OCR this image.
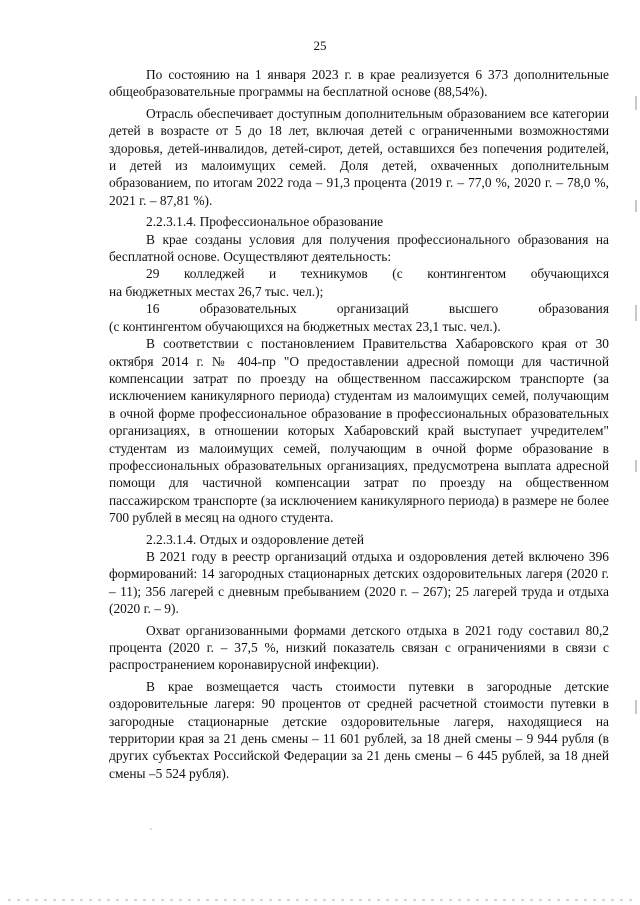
25

По состоянию на 1 января 2023 г. в крае реализуется 6 373 дополнительные общеобразовательные программы на бесплатной основе (88,54%).

Отрасль обеспечивает доступным дополнительным образованием все категории детей в возрасте от 5 до 18 лет, включая детей с ограниченными возможностями здоровья, детей-инвалидов, детей-сирот, детей, оставшихся без попечения родителей, и детей из малоимущих семей. Доля детей, охваченных дополнительным образованием, по итогам 2022 года – 91,3 процента (2019 г. – 77,0 %, 2020 г. – 78,0 %, 2021 г. – 87,81 %).

2.2.3.1.4. Профессиональное образование

В крае созданы условия для получения профессионального образования на бесплатной основе. Осуществляют деятельность:

29 колледжей и техникумов (с контингентом обучающихся

на бюджетных местах 26,7 тыс. чел.);

16 образовательных организаций высшего образования

(с контингентом обучающихся на бюджетных местах 23,1 тыс. чел.).

В соответствии с постановлением Правительства Хабаровского края от 30 октября 2014 г. № 404-пр "О предоставлении адресной помощи для частичной компенсации затрат по проезду на общественном пассажирском транспорте (за исключением каникулярного периода) студентам из малоимущих семей, получающим в очной форме профессиональное образование в профессиональных образовательных организациях, в отношении которых Хабаровский край выступает учредителем" студентам из малоимущих семей, получающим в очной форме образование в профессиональных образовательных организациях, предусмотрена выплата адресной помощи для частичной компенсации затрат по проезду на общественном пассажирском транспорте (за исключением каникулярного периода) в размере не более 700 рублей в месяц на одного студента.

2.2.3.1.4. Отдых и оздоровление детей

В 2021 году в реестр организаций отдыха и оздоровления детей включено 396 формирований: 14 загородных стационарных детских оздоровительных лагеря (2020 г. – 11); 356 лагерей с дневным пребыванием (2020 г. – 267); 25 лагерей труда и отдыха (2020 г. – 9).

Охват организованными формами детского отдыха в 2021 году составил 80,2 процента (2020 г. – 37,5 %, низкий показатель связан с ограничениями в связи с распространением коронавирусной инфекции).

В крае возмещается часть стоимости путевки в загородные детские оздоровительные лагеря: 90 процентов от средней расчетной стоимости путевки в загородные стационарные детские оздоровительные лагеря, находящиеся на территории края за 21 день смены – 11 601 рублей, за 18 дней смены – 9 944 рубля (в других субъектах Российской Федерации за 21 день смены – 6 445 рублей, за 18 дней смены –5 524 рубля).
